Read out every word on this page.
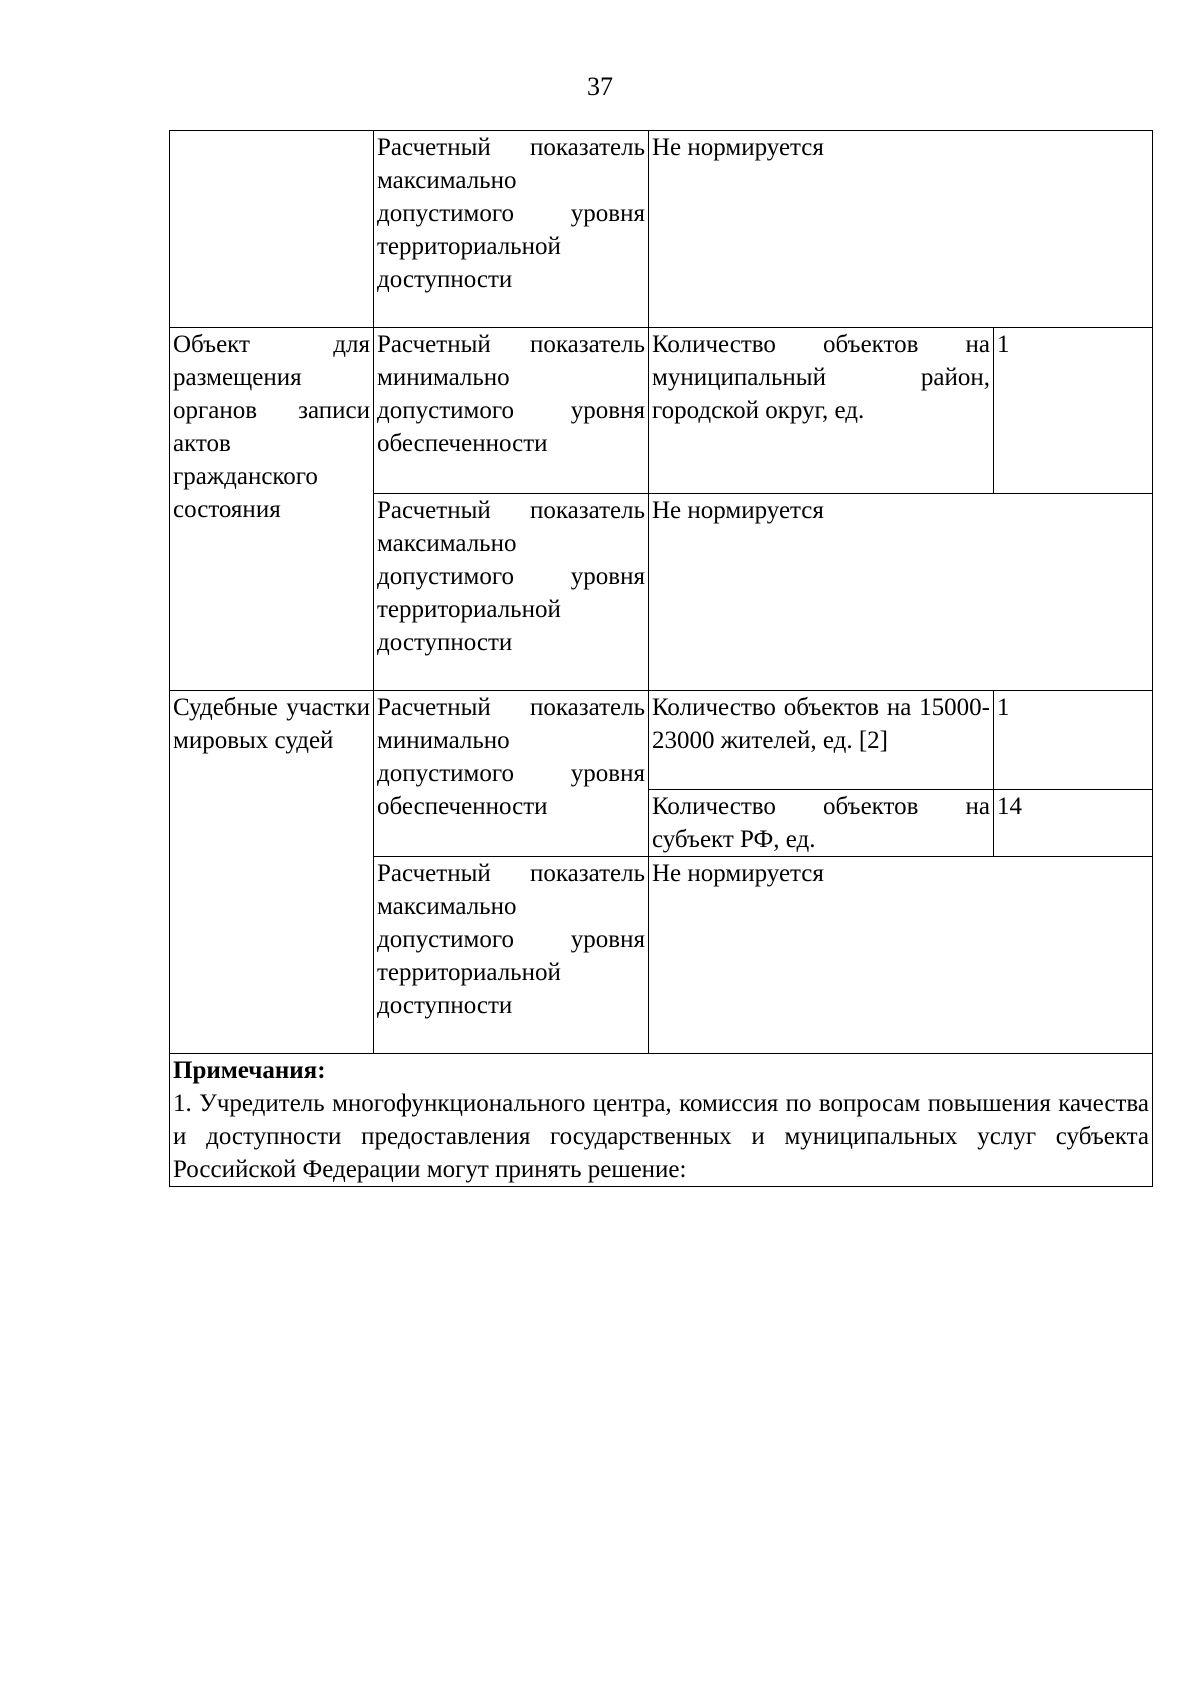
37
	Расчетный показатель максимально допустимого уровня территориальной доступности	Не нормируется	
Объект для размещения органов записи актов гражданского состояния	Расчетный показатель минимально допустимого уровня обеспеченности	Количество объектов на муниципальный район, городской округ, ед.	1
	Расчетный показатель максимально допустимого уровня территориальной доступности	Не нормируется	
Судебные участки мировых судей	Расчетный показатель минимально допустимого уровня обеспеченности	Количество объектов на 15000-23000 жителей, ед. [2]	1
		Количество объектов на субъект РФ, ед.	14
	Расчетный показатель максимально допустимого уровня территориальной доступности	Не нормируется	

Примечания:
1. Учредитель многофункционального центра, комиссия по вопросам повышения качества и доступности предоставления государственных и муниципальных услуг субъекта Российской Федерации могут принять решение:			
